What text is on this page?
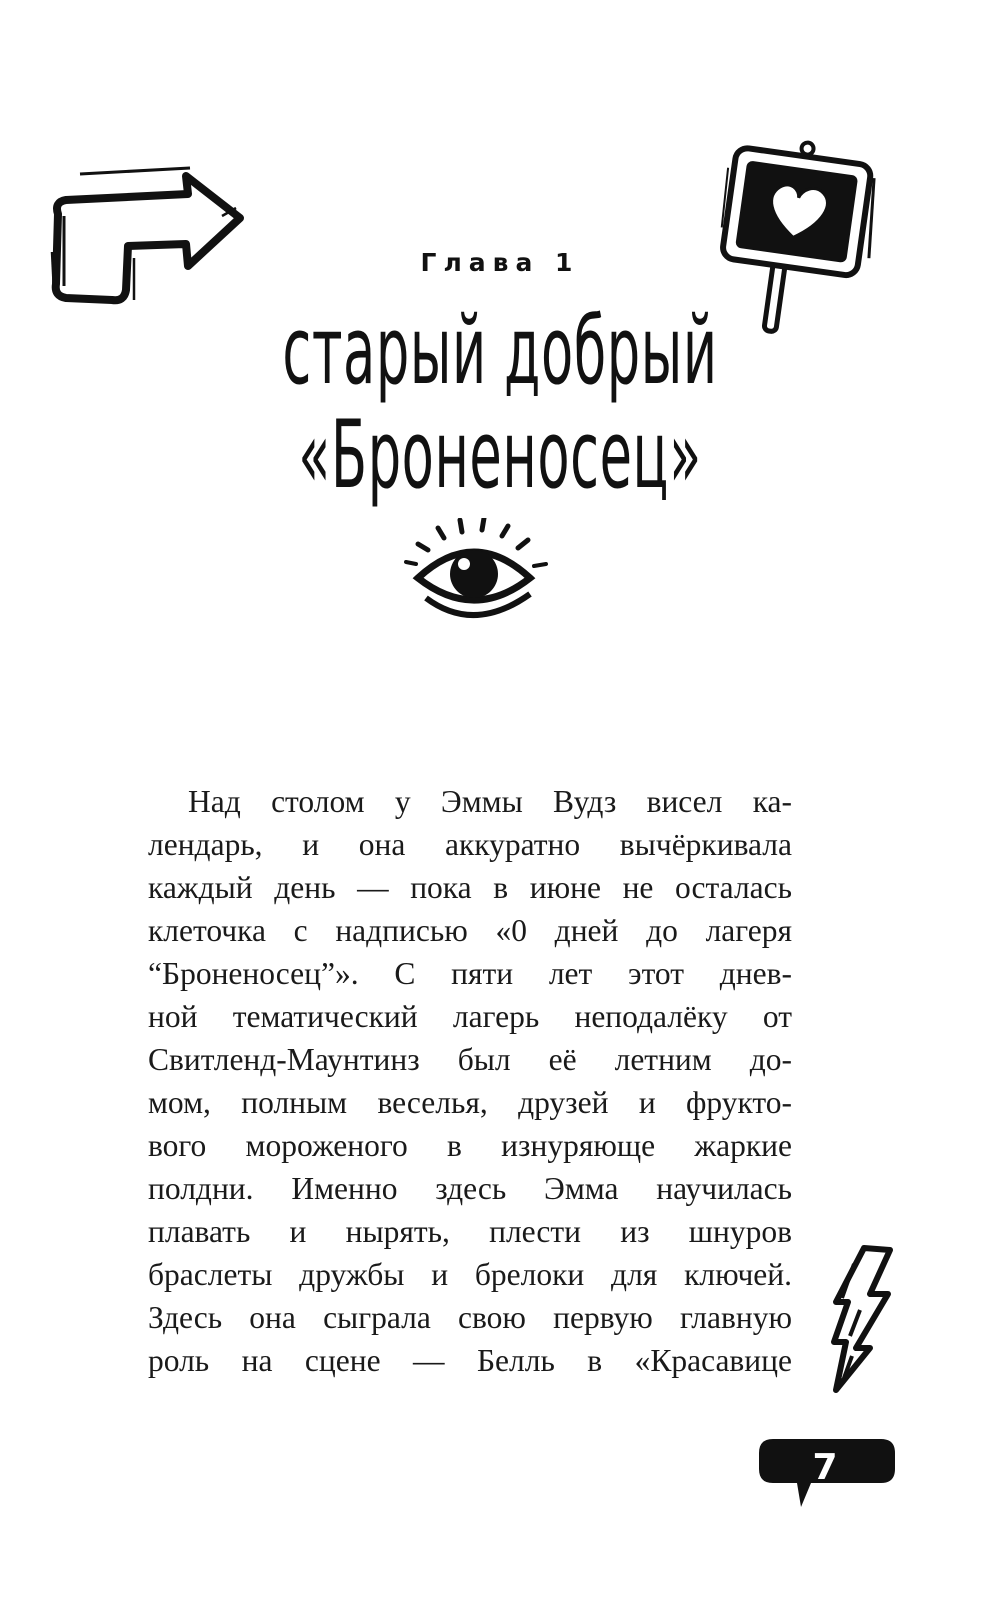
Глава 1
старый добрый
«Броненосец»
Над столом у Эммы Вудз висел ка-
лендарь, и она аккуратно вычёркивала
каждый день — пока в июне не осталась
клеточка с надписью «0 дней до лагеря
“Броненосец”». С пяти лет этот днев-
ной тематический лагерь неподалёку от
Свитленд-Маунтинз был её летним до-
мом, полным веселья, друзей и фрукто-
вого мороженого в изнуряюще жаркие
полдни. Именно здесь Эмма научилась
плавать и нырять, плести из шнуров
браслеты дружбы и брелоки для ключей.
Здесь она сыграла свою первую главную
роль на сцене — Белль в «Красавице
7
